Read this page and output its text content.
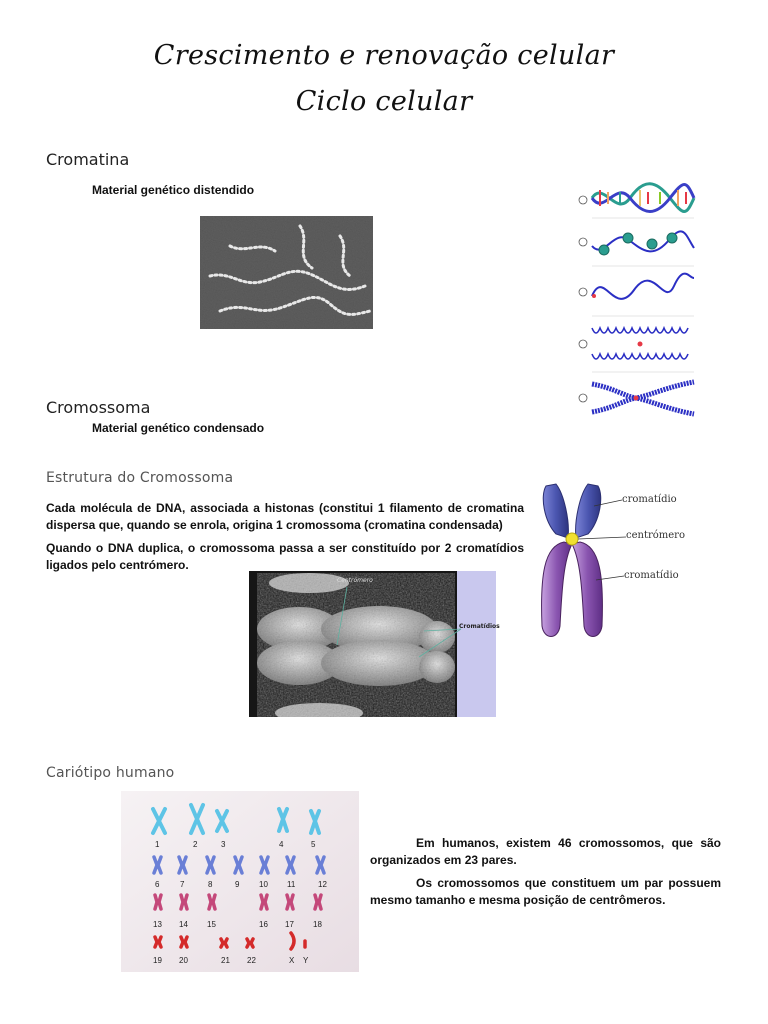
Crescimento e renovação celular
Ciclo celular
Cromatina
Material genético distendido
Cromossoma
Material genético condensado
Estrutura do Cromossoma

Cada molécula de DNA, associada a histonas (constitui 1 filamento de cromatina dispersa que, quando se enrola, origina 1 cromossoma (cromatina condensada)

Quando o DNA duplica, o cromossoma passa a ser constituído por 2 cromatídios ligados pelo centrómero.

cromatídio
centrómero
cromatídio
Centrómero
Cromatídios
Cariótipo humano
1	2	3	4	5
6	7	8	9 10 11	12
13 14 15	16 17 18
19 20	21 22	X Y

Em humanos, existem 46 cromossomos, que são organizados em 23 pares.

Os cromossomos que constituem um par possuem mesmo tamanho e mesma posição de centrômeros.
